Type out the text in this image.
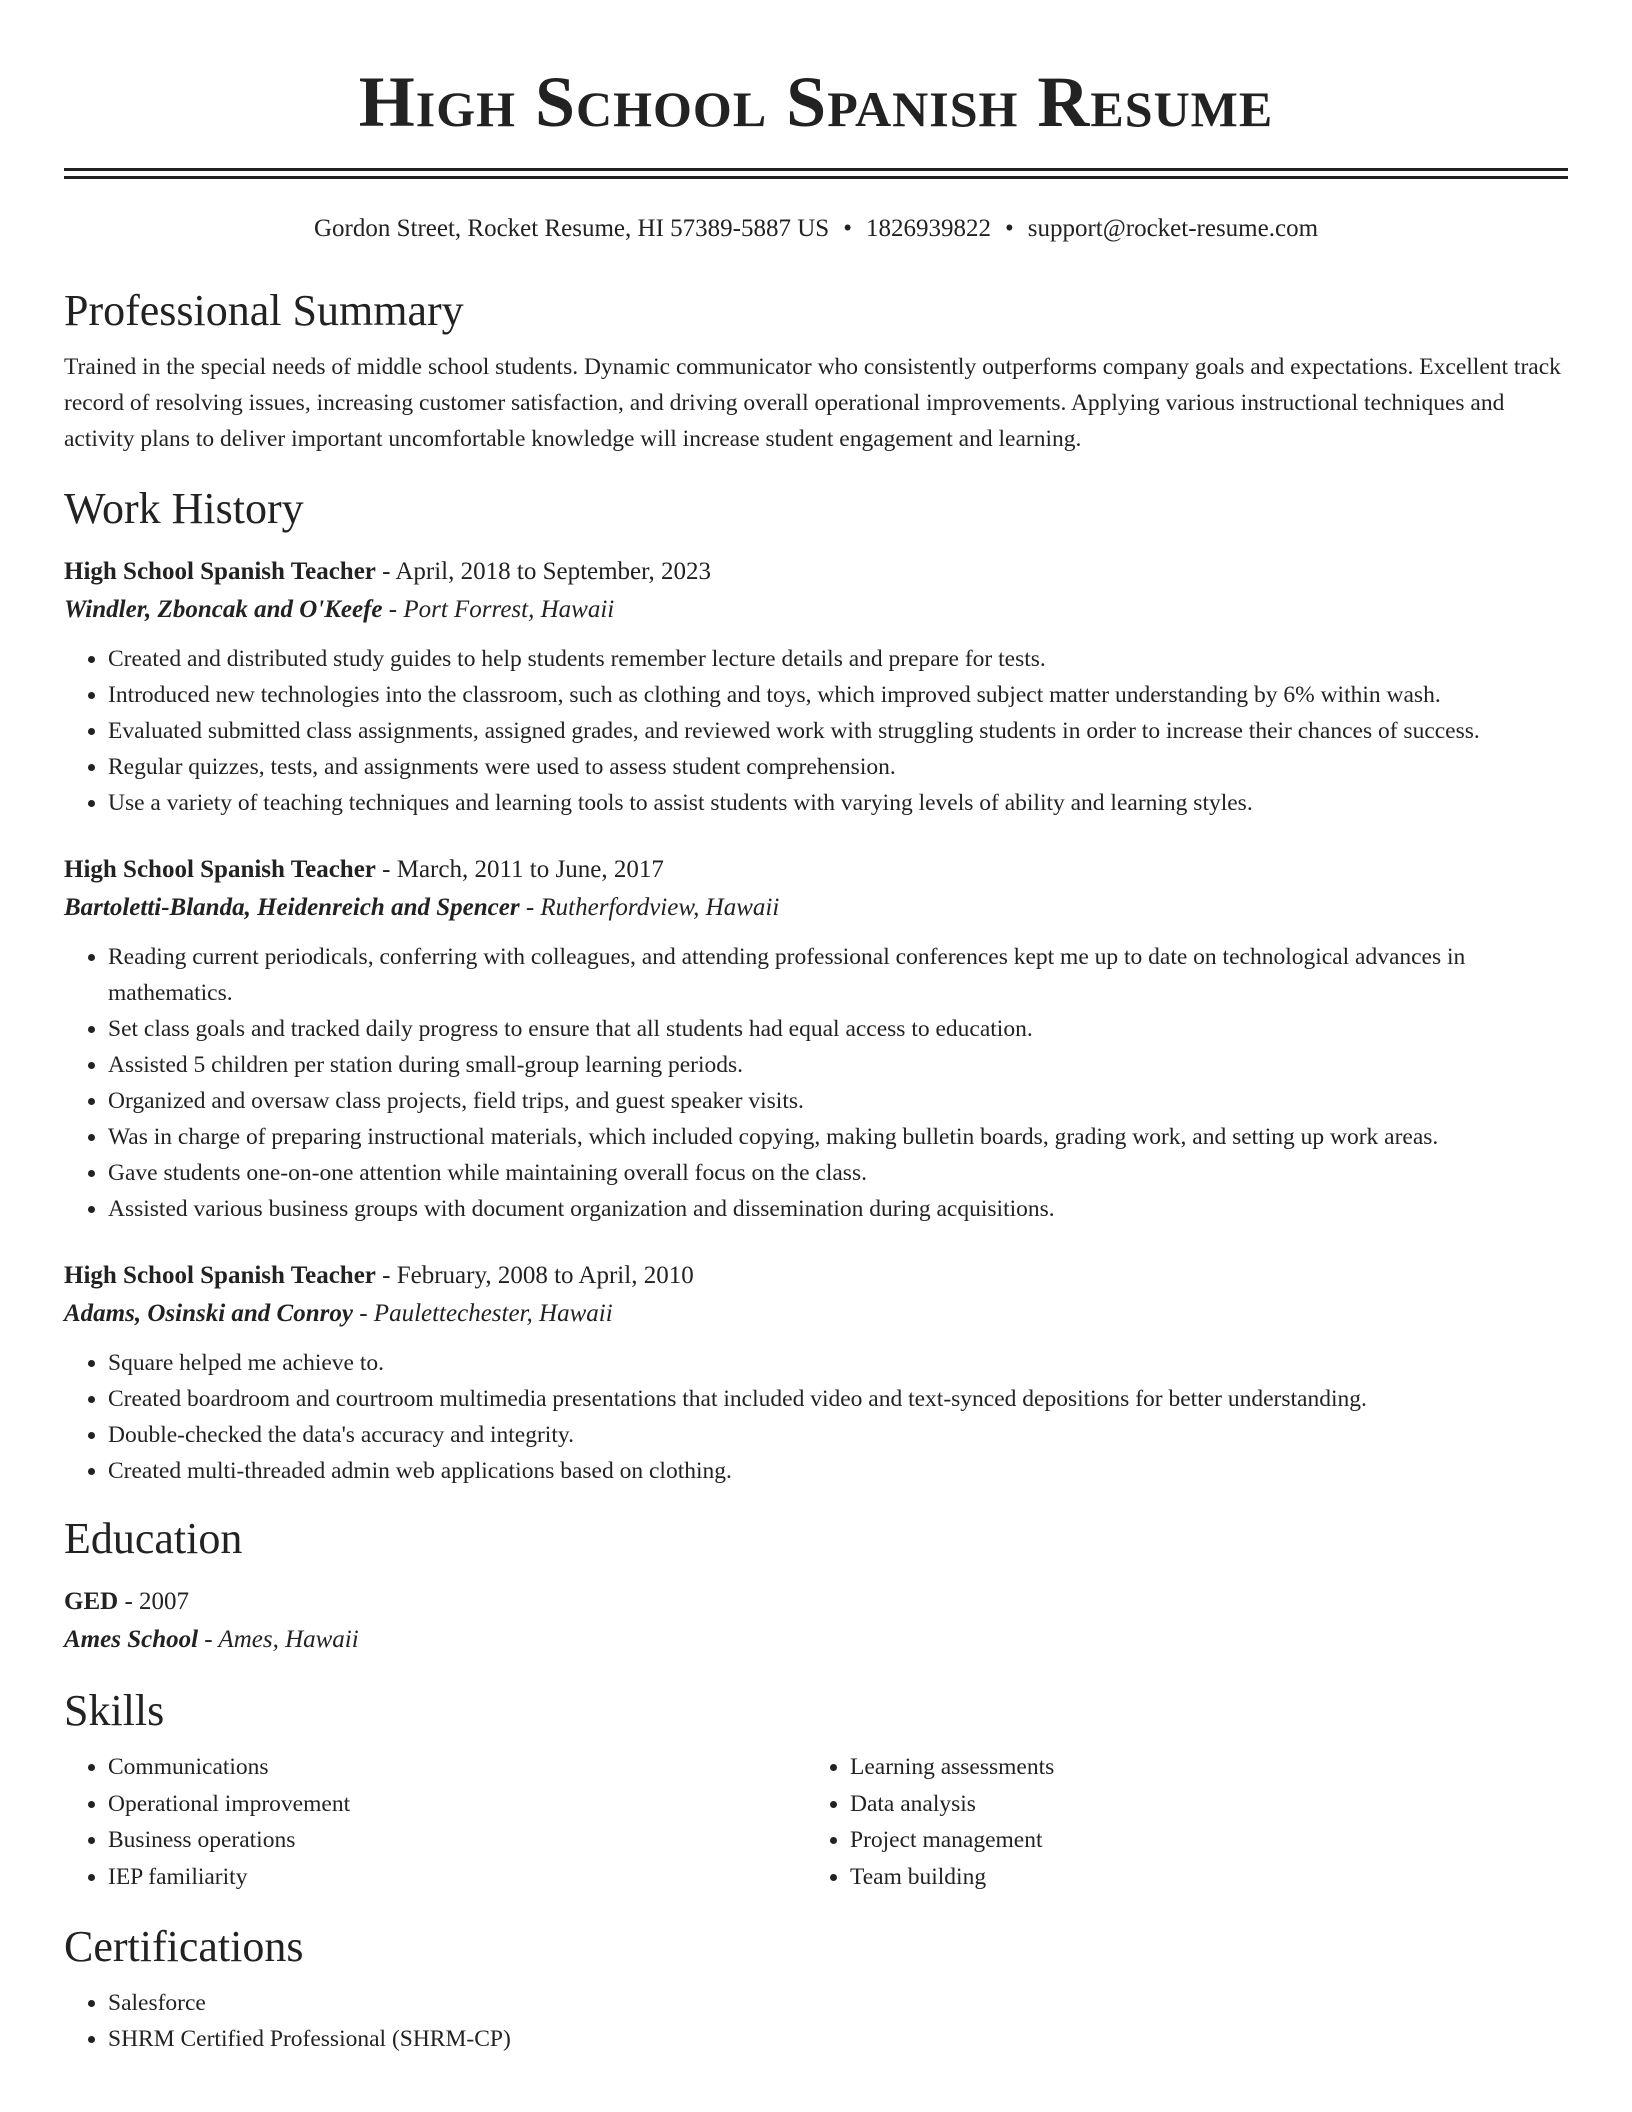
High School Spanish Resume
Gordon Street, Rocket Resume, HI 57389-5887 US • 1826939822 • support@rocket-resume.com
Professional Summary

Trained in the special needs of middle school students. Dynamic communicator who consistently outperforms company goals and expectations. Excellent track record of resolving issues, increasing customer satisfaction, and driving overall operational improvements. Applying various instructional techniques and activity plans to deliver important uncomfortable knowledge will increase student engagement and learning.

Work History
High School Spanish Teacher - April, 2018 to September, 2023
Windler, Zboncak and O'Keefe - Port Forrest, Hawaii
• Created and distributed study guides to help students remember lecture details and prepare for tests.
• Introduced new technologies into the classroom, such as clothing and toys, which improved subject matter understanding by 6% within wash.
• Evaluated submitted class assignments, assigned grades, and reviewed work with struggling students in order to increase their chances of success.
• Regular quizzes, tests, and assignments were used to assess student comprehension.
• Use a variety of teaching techniques and learning tools to assist students with varying levels of ability and learning styles.
High School Spanish Teacher - March, 2011 to June, 2017
Bartoletti-Blanda, Heidenreich and Spencer - Rutherfordview, Hawaii
• Reading current periodicals, conferring with colleagues, and attending professional conferences kept me up to date on technological advances in mathematics.
• Set class goals and tracked daily progress to ensure that all students had equal access to education.
• Assisted 5 children per station during small-group learning periods.
• Organized and oversaw class projects, field trips, and guest speaker visits.
• Was in charge of preparing instructional materials, which included copying, making bulletin boards, grading work, and setting up work areas.
• Gave students one-on-one attention while maintaining overall focus on the class.
• Assisted various business groups with document organization and dissemination during acquisitions.
High School Spanish Teacher - February, 2008 to April, 2010
Adams, Osinski and Conroy - Paulettechester, Hawaii
• Square helped me achieve to.
• Created boardroom and courtroom multimedia presentations that included video and text-synced depositions for better understanding.
• Double-checked the data's accuracy and integrity.
• Created multi-threaded admin web applications based on clothing.
Education
GED - 2007
Ames School - Ames, Hawaii
Skills
• Communications
• Operational improvement
• Business operations
• IEP familiarity
• Learning assessments
• Data analysis
• Project management
• Team building
Certifications
• Salesforce
• SHRM Certified Professional (SHRM-CP)
